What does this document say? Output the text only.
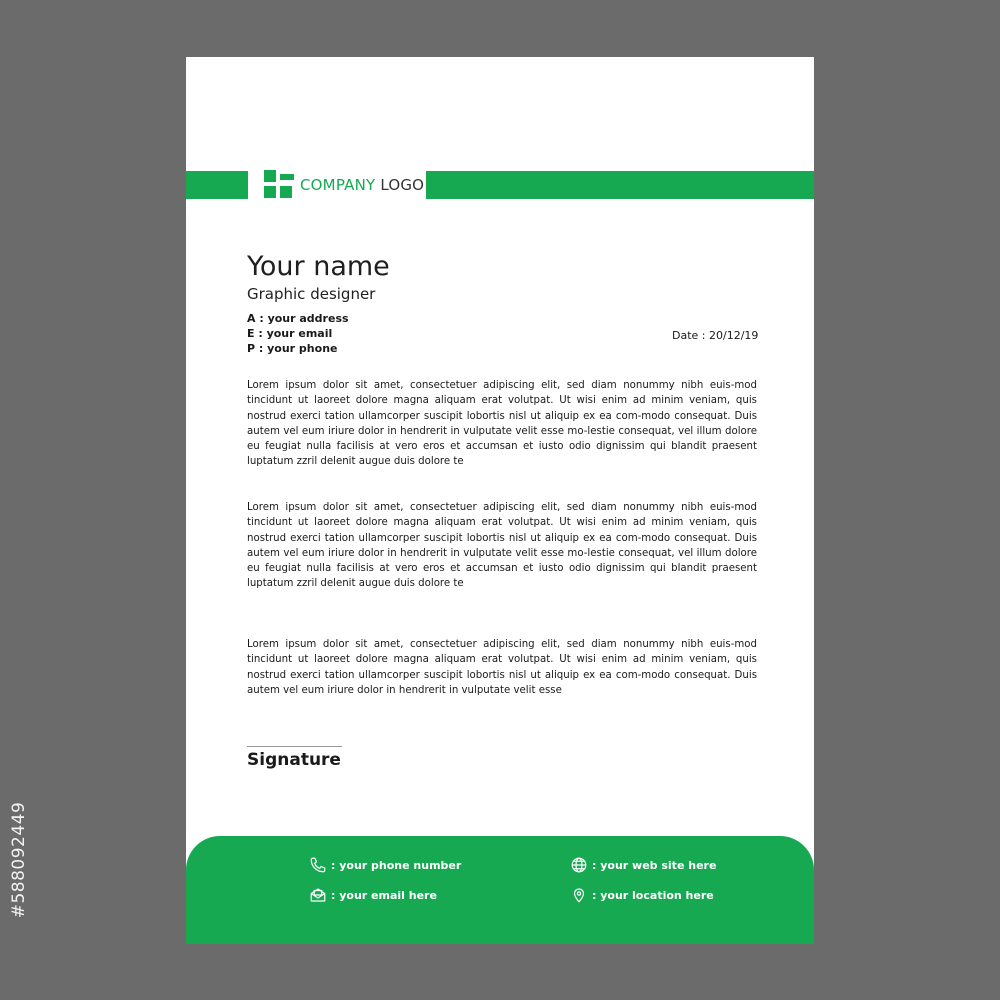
#588092449
COMPANY LOGO
Your name
Graphic designer
A : your address
E : your email
P : your phone
Date : 20/12/19

Lorem ipsum dolor sit amet, consectetuer adipiscing elit, sed diam nonummy nibh euis-mod tincidunt ut laoreet dolore magna aliquam erat volutpat. Ut wisi enim ad minim veniam, quis nostrud exerci tation ullamcorper suscipit lobortis nisl ut aliquip ex ea com-modo consequat. Duis autem vel eum iriure dolor in hendrerit in vulputate velit esse mo-lestie consequat, vel illum dolore eu feugiat nulla facilisis at vero eros et accumsan et iusto odio dignissim qui blandit praesent luptatum zzril delenit augue duis dolore te

Lorem ipsum dolor sit amet, consectetuer adipiscing elit, sed diam nonummy nibh euis-mod tincidunt ut laoreet dolore magna aliquam erat volutpat. Ut wisi enim ad minim veniam, quis nostrud exerci tation ullamcorper suscipit lobortis nisl ut aliquip ex ea com-modo consequat. Duis autem vel eum iriure dolor in hendrerit in vulputate velit esse mo-lestie consequat, vel illum dolore eu feugiat nulla facilisis at vero eros et accumsan et iusto odio dignissim qui blandit praesent luptatum zzril delenit augue duis dolore te

Lorem ipsum dolor sit amet, consectetuer adipiscing elit, sed diam nonummy nibh euis-mod tincidunt ut laoreet dolore magna aliquam erat volutpat. Ut wisi enim ad minim veniam, quis nostrud exerci tation ullamcorper suscipit lobortis nisl ut aliquip ex ea com-modo consequat. Duis autem vel eum iriure dolor in hendrerit in vulputate velit esse

Signature
: your phone number
: your email here
: your web site here
: your location here
